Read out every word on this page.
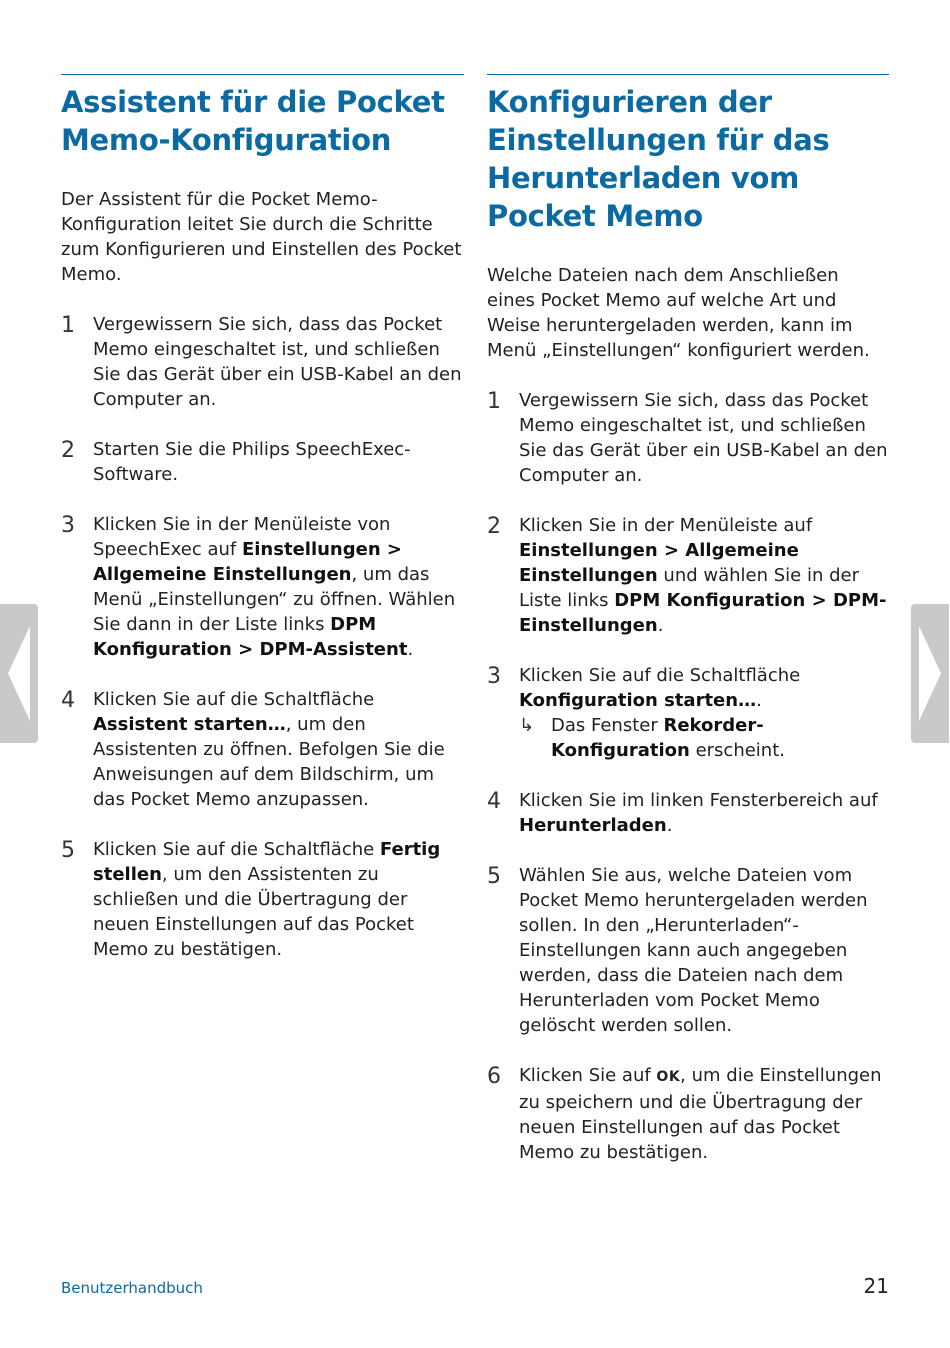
Assistent für die Pocket Memo-Konfiguration

Der Assistent für die Pocket Memo-Konfiguration leitet Sie durch die Schritte zum Konfigurieren und Einstellen des Pocket Memo.

1 Vergewissern Sie sich, dass das Pocket Memo eingeschaltet ist, und schließen Sie das Gerät über ein USB-Kabel an den Computer an.
2 Starten Sie die Philips SpeechExec-Software.
3 Klicken Sie in der Menüleiste von SpeechExec auf Einstellungen > Allgemeine Einstellungen, um das Menü „Einstellungen“ zu öffnen. Wählen Sie dann in der Liste links DPM Konfiguration > DPM-Assistent.
4 Klicken Sie auf die Schaltfläche Assistent starten…, um den Assistenten zu öffnen. Befolgen Sie die Anweisungen auf dem Bildschirm, um das Pocket Memo anzupassen.
5 Klicken Sie auf die Schaltfläche Fertig stellen, um den Assistenten zu schließen und die Übertragung der neuen Einstellungen auf das Pocket Memo zu bestätigen.
Konfigurieren der Einstellungen für das Herunterladen vom Pocket Memo

Welche Dateien nach dem Anschließen eines Pocket Memo auf welche Art und Weise heruntergeladen werden, kann im Menü „Einstellungen“ konfiguriert werden.

1 Vergewissern Sie sich, dass das Pocket Memo eingeschaltet ist, und schließen Sie das Gerät über ein USB-Kabel an den Computer an.
2 Klicken Sie in der Menüleiste auf Einstellungen > Allgemeine Einstellungen und wählen Sie in der Liste links DPM Konfiguration > DPM-Einstellungen.
3 Klicken Sie auf die Schaltfläche Konfiguration starten….
↳ Das Fenster Rekorder-Konfiguration erscheint.
4 Klicken Sie im linken Fensterbereich auf Herunterladen.
5 Wählen Sie aus, welche Dateien vom Pocket Memo heruntergeladen werden sollen. In den „Herunterladen“-Einstellungen kann auch angegeben werden, dass die Dateien nach dem Herunterladen vom Pocket Memo gelöscht werden sollen.
6 Klicken Sie auf OK, um die Einstellungen zu speichern und die Übertragung der neuen Einstellungen auf das Pocket Memo zu bestätigen.
Benutzerhandbuch	21
